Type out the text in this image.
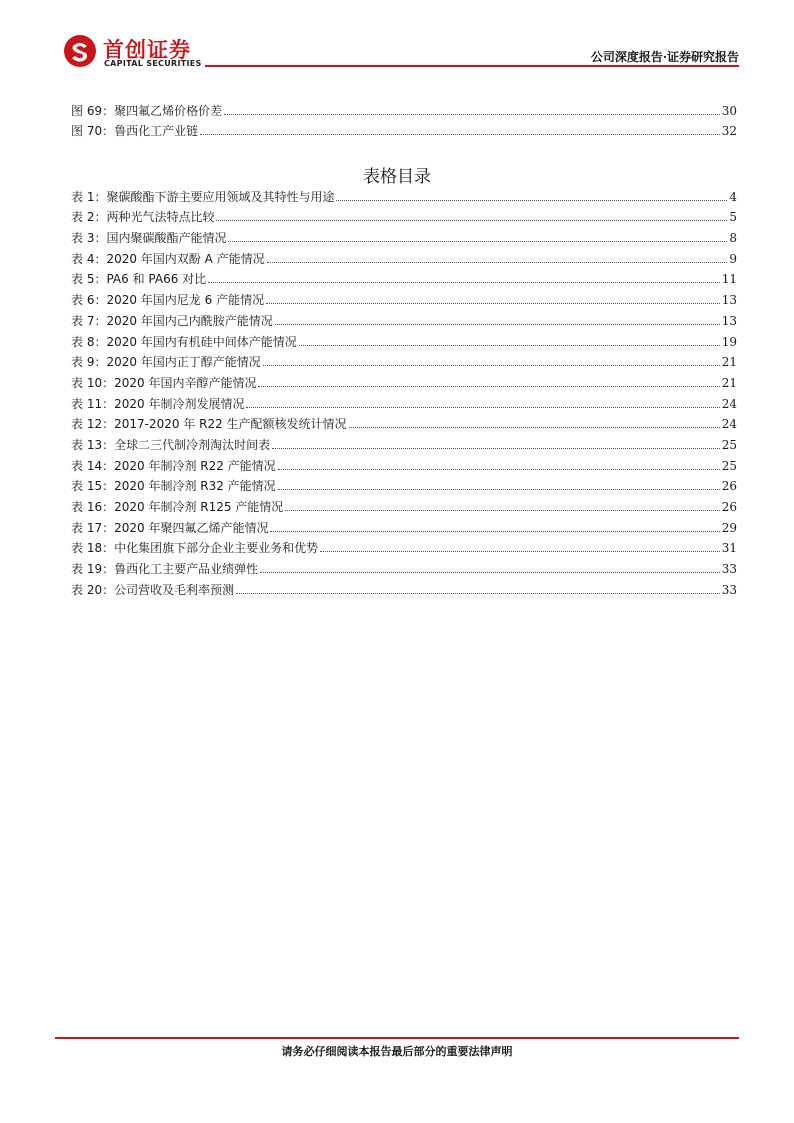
首创证券
CAPITAL SECURITIES	公司深度报告·证券研究报告
图 69：聚四氟乙烯价格价差	30
图 70：鲁西化工产业链	32
表格目录
表 1：聚碳酸酯下游主要应用领域及其特性与用途	4
表 2：两种光气法特点比较	5
表 3：国内聚碳酸酯产能情况	8
表 4：2020 年国内双酚 A 产能情况	9
表 5：PA6 和 PA66 对比	11
表 6：2020 年国内尼龙 6 产能情况	13
表 7：2020 年国内己内酰胺产能情况	13
表 8：2020 年国内有机硅中间体产能情况	19
表 9：2020 年国内正丁醇产能情况	21
表 10：2020 年国内辛醇产能情况	21
表 11：2020 年制冷剂发展情况	24
表 12：2017-2020 年 R22 生产配额核发统计情况	24
表 13：全球二三代制冷剂淘汰时间表	25
表 14：2020 年制冷剂 R22 产能情况	25
表 15：2020 年制冷剂 R32 产能情况	26
表 16：2020 年制冷剂 R125 产能情况	26
表 17：2020 年聚四氟乙烯产能情况	29
表 18：中化集团旗下部分企业主要业务和优势	31
表 19：鲁西化工主要产品业绩弹性	33
表 20：公司营收及毛利率预测	33
请务必仔细阅读本报告最后部分的重要法律声明
